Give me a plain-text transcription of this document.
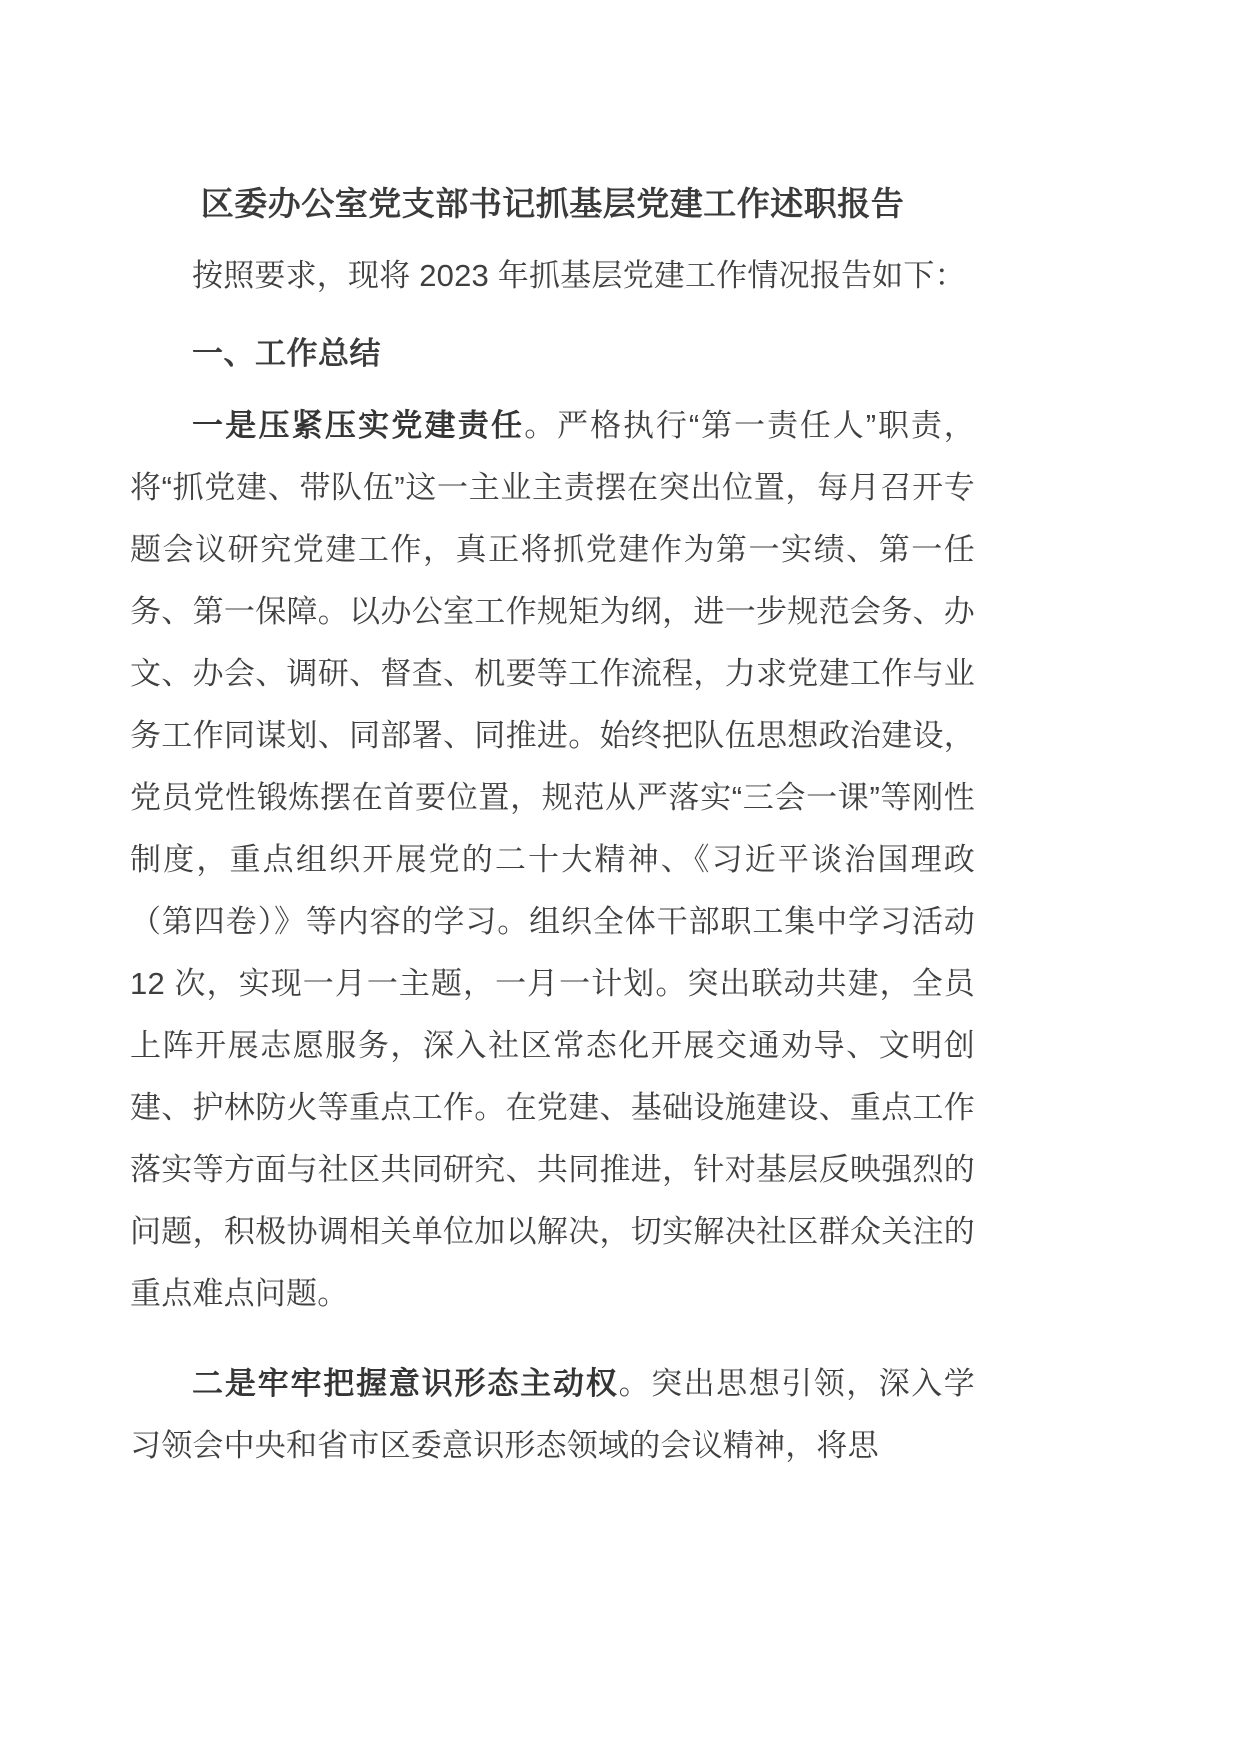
区委办公室党支部书记抓基层党建工作述职报告

按照要求，现将 2023 年抓基层党建工作情况报告如下：

一、工作总结

一是压紧压实党建责任。严格执行“第一责任人”职责，将“抓党建、带队伍”这一主业主责摆在突出位置，每月召开专题会议研究党建工作，真正将抓党建作为第一实绩、第一任务、第一保障。以办公室工作规矩为纲，进一步规范会务、办文、办会、调研、督查、机要等工作流程，力求党建工作与业务工作同谋划、同部署、同推进。始终把队伍思想政治建设，党员党性锻炼摆在首要位置，规范从严落实“三会一课”等刚性制度，重点组织开展党的二十大精神、《习近平谈治国理政（第四卷）》等内容的学习。组织全体干部职工集中学习活动 12 次，实现一月一主题，一月一计划。突出联动共建，全员上阵开展志愿服务，深入社区常态化开展交通劝导、文明创建、护林防火等重点工作。在党建、基础设施建设、重点工作落实等方面与社区共同研究、共同推进，针对基层反映强烈的问题，积极协调相关单位加以解决，切实解决社区群众关注的重点难点问题。

二是牢牢把握意识形态主动权。突出思想引领，深入学习领会中央和省市区委意识形态领域的会议精神，将思
